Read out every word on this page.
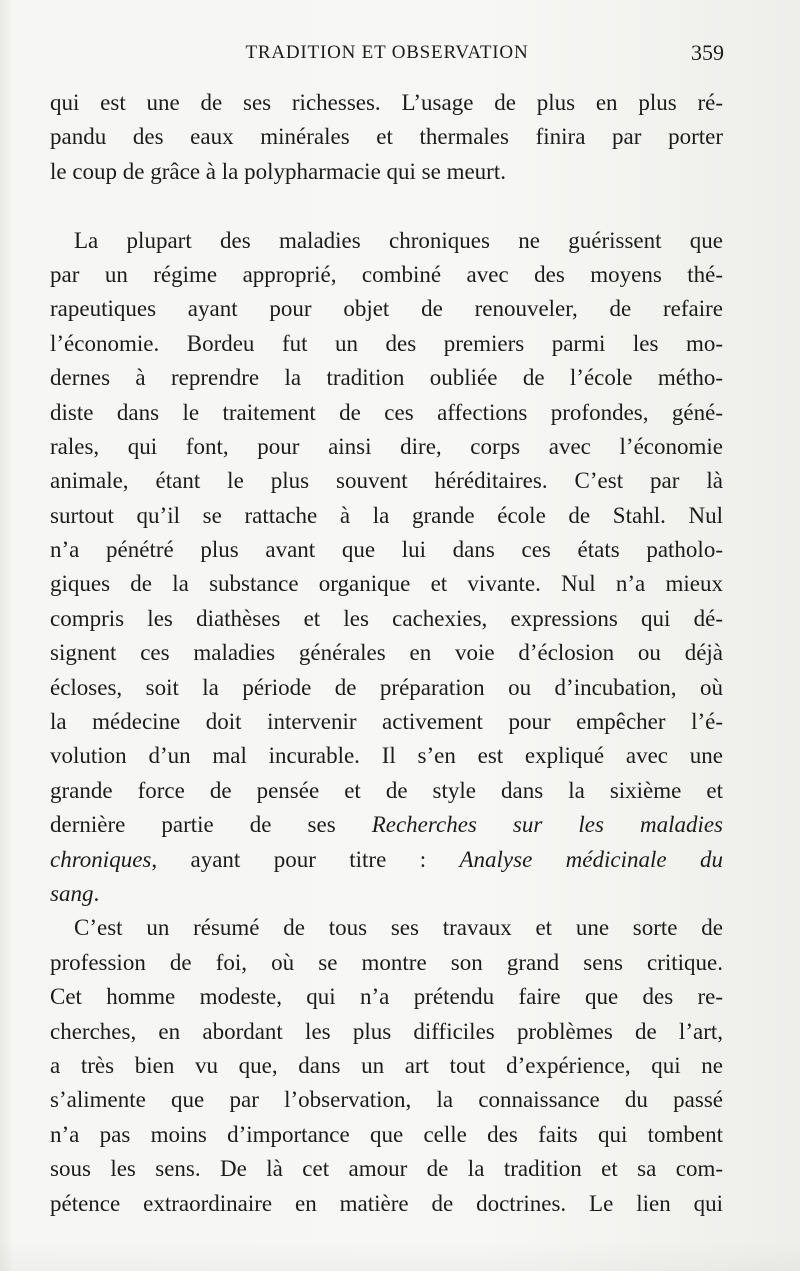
TRADITION ET OBSERVATION	359
qui est une de ses richesses. L’usage de plus en plus ré-
pandu des eaux minérales et thermales finira par porter
le coup de grâce à la polypharmacie qui se meurt.
La plupart des maladies chroniques ne guérissent que
par un régime approprié, combiné avec des moyens thé-
rapeutiques ayant pour objet de renouveler, de refaire
l’économie. Bordeu fut un des premiers parmi les mo-
dernes à reprendre la tradition oubliée de l’école métho-
diste dans le traitement de ces affections profondes, géné-
rales, qui font, pour ainsi dire, corps avec l’économie
animale, étant le plus souvent héréditaires. C’est par là
surtout qu’il se rattache à la grande école de Stahl. Nul
n’a pénétré plus avant que lui dans ces états patholo-
giques de la substance organique et vivante. Nul n’a mieux
compris les diathèses et les cachexies, expressions qui dé-
signent ces maladies générales en voie d’éclosion ou déjà
écloses, soit la période de préparation ou d’incubation, où
la médecine doit intervenir activement pour empêcher l’é-
volution d’un mal incurable. Il s’en est expliqué avec une
grande force de pensée et de style dans la sixième et
dernière partie de ses Recherches sur les maladies
chroniques, ayant pour titre : Analyse médicinale du
sang.
C’est un résumé de tous ses travaux et une sorte de
profession de foi, où se montre son grand sens critique.
Cet homme modeste, qui n’a prétendu faire que des re-
cherches, en abordant les plus difficiles problèmes de l’art,
a très bien vu que, dans un art tout d’expérience, qui ne
s’alimente que par l’observation, la connaissance du passé
n’a pas moins d’importance que celle des faits qui tombent
sous les sens. De là cet amour de la tradition et sa com-
pétence extraordinaire en matière de doctrines. Le lien qui
